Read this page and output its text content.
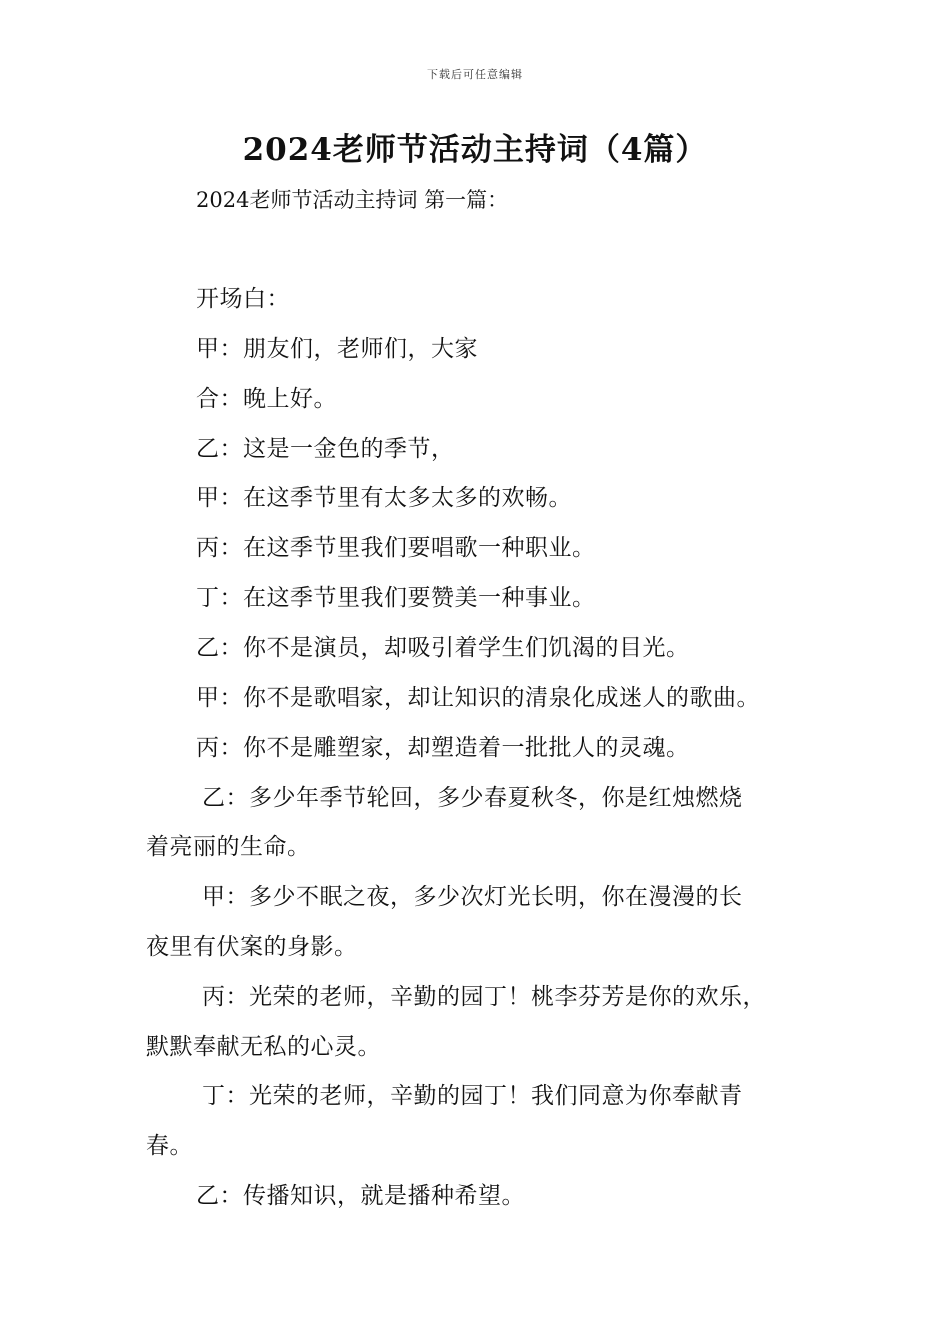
下载后可任意编辑
2024老师节活动主持词（4篇）

2024老师节活动主持词 第一篇：

开场白：
甲：朋友们，老师们，大家
合：晚上好。
乙：这是一金色的季节，
甲：在这季节里有太多太多的欢畅。
丙：在这季节里我们要唱歌一种职业。
丁：在这季节里我们要赞美一种事业。
乙：你不是演员，却吸引着学生们饥渴的目光。
甲：你不是歌唱家，却让知识的清泉化成迷人的歌曲。
丙：你不是雕塑家，却塑造着一批批人的灵魂。
乙：多少年季节轮回，多少春夏秋冬，你是红烛燃烧
着亮丽的生命。
甲：多少不眠之夜，多少次灯光长明，你在漫漫的长
夜里有伏案的身影。
丙：光荣的老师，辛勤的园丁！桃李芬芳是你的欢乐，
默默奉献无私的心灵。
丁：光荣的老师，辛勤的园丁！我们同意为你奉献青
春。
乙：传播知识，就是播种希望。
